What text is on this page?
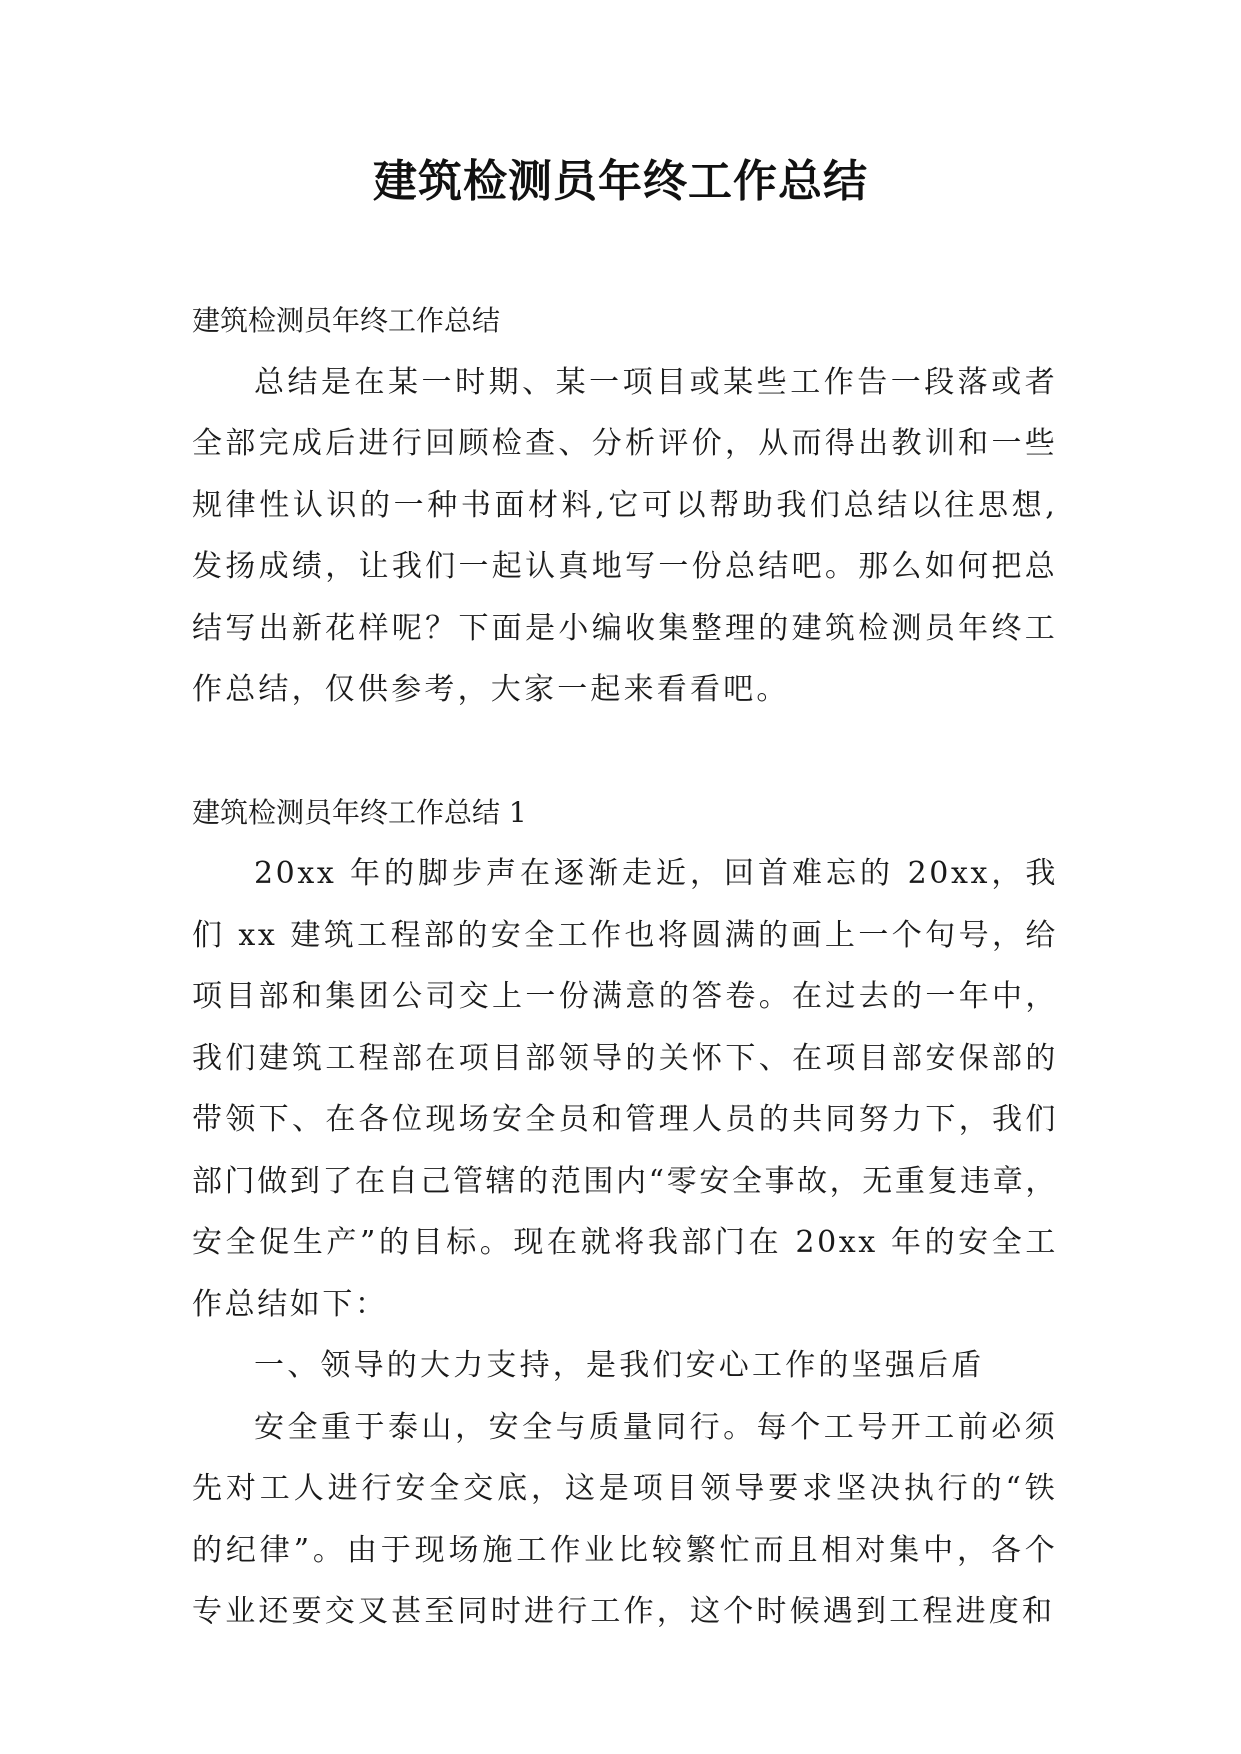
建筑检测员年终工作总结

建筑检测员年终工作总结

总结是在某一时期、某一项目或某些工作告一段落或者全部完成后进行回顾检查、分析评价，从而得出教训和一些规律性认识的一种书面材料,它可以帮助我们总结以往思想,发扬成绩，让我们一起认真地写一份总结吧。那么如何把总结写出新花样呢？下面是小编收集整理的建筑检测员年终工作总结，仅供参考，大家一起来看看吧。

建筑检测员年终工作总结 1

20xx 年的脚步声在逐渐走近，回首难忘的 20xx，我们 xx 建筑工程部的安全工作也将圆满的画上一个句号，给项目部和集团公司交上一份满意的答卷。在过去的一年中，我们建筑工程部在项目部领导的关怀下、在项目部安保部的带领下、在各位现场安全员和管理人员的共同努力下，我们部门做到了在自己管辖的范围内“零安全事故，无重复违章，安全促生产”的目标。现在就将我部门在 20xx 年的安全工作总结如下：

一、领导的大力支持，是我们安心工作的坚强后盾

安全重于泰山，安全与质量同行。每个工号开工前必须先对工人进行安全交底，这是项目领导要求坚决执行的“铁的纪律”。由于现场施工作业比较繁忙而且相对集中，各个专业还要交叉甚至同时进行工作，这个时候遇到工程进度和
